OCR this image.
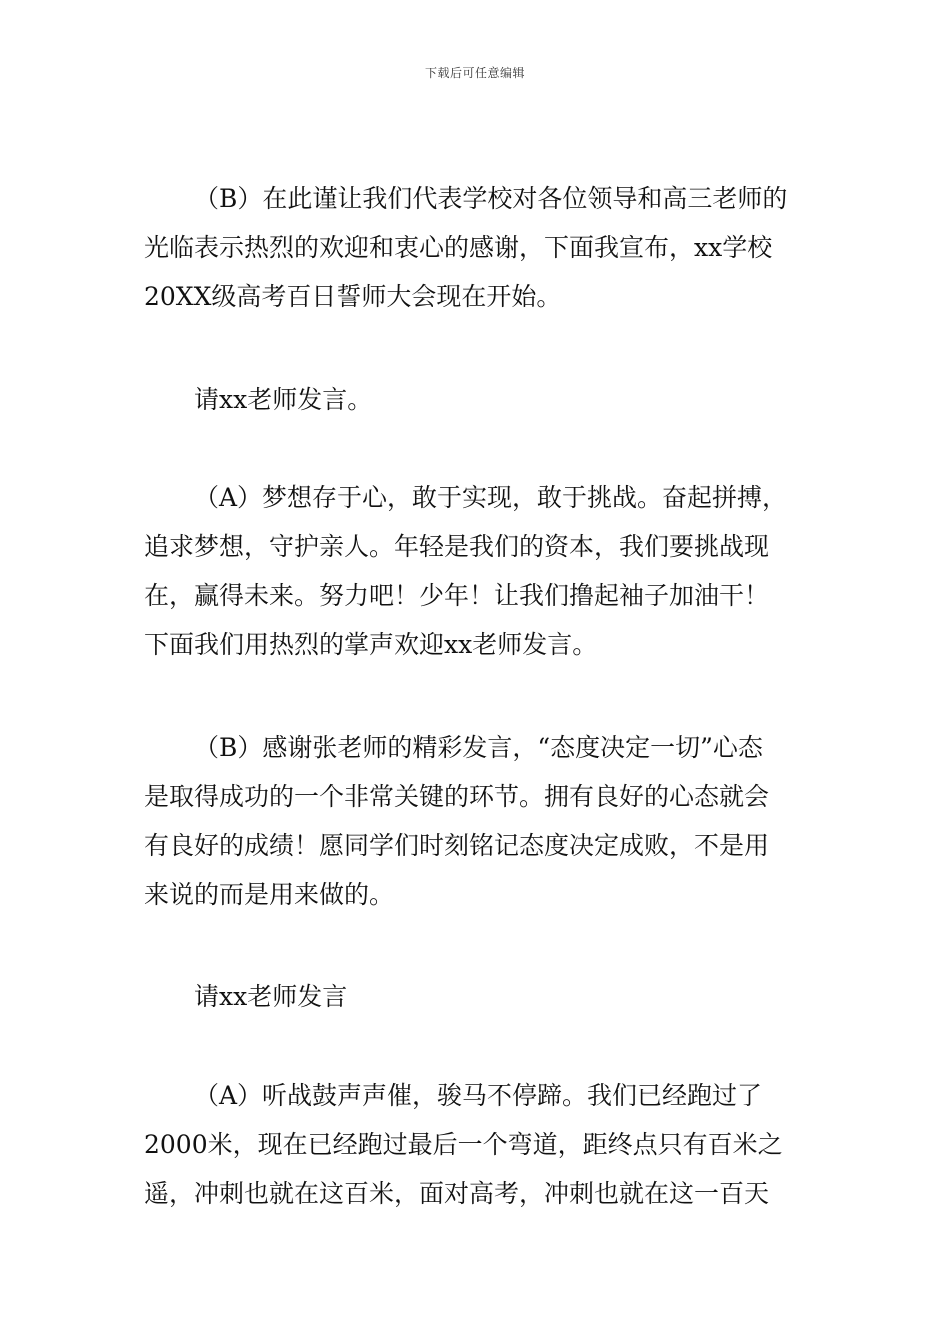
下载后可任意编辑
（B）在此谨让我们代表学校对各位领导和高三老师的
光临表示热烈的欢迎和衷心的感谢，下面我宣布，xx学校
20XX级高考百日誓师大会现在开始。
请xx老师发言。
（A）梦想存于心，敢于实现，敢于挑战。奋起拼搏，
追求梦想，守护亲人。年轻是我们的资本，我们要挑战现
在，赢得未来。努力吧！少年！让我们撸起袖子加油干！
下面我们用热烈的掌声欢迎xx老师发言。
（B）感谢张老师的精彩发言，“态度决定一切”心态
是取得成功的一个非常关键的环节。拥有良好的心态就会
有良好的成绩！愿同学们时刻铭记态度决定成败，不是用
来说的而是用来做的。
请xx老师发言
（A）听战鼓声声催，骏马不停蹄。我们已经跑过了
2000米，现在已经跑过最后一个弯道，距终点只有百米之
遥，冲刺也就在这百米，面对高考，冲刺也就在这一百天
